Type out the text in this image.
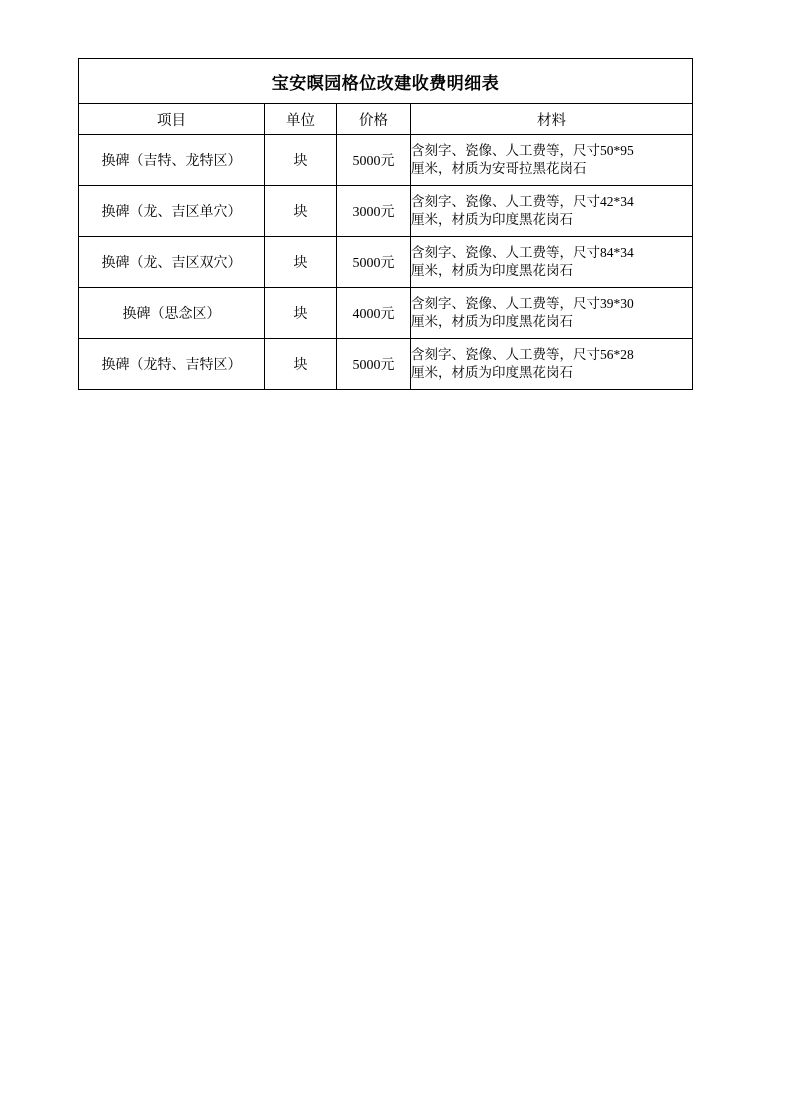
宝安暝园格位改建收费明细表			
项目	单位	价格	材料
换碑（吉特、龙特区）	块	5000元	含刻字、瓷像、人工费等，尺寸50*95
厘米，材质为安哥拉黑花岗石

换碑（龙、吉区单穴）	块	3000元	含刻字、瓷像、人工费等，尺寸42*34
厘米，材质为印度黑花岗石

换碑（龙、吉区双穴）	块	5000元	含刻字、瓷像、人工费等，尺寸84*34
厘米，材质为印度黑花岗石

换碑（思念区）	块	4000元	含刻字、瓷像、人工费等，尺寸39*30
厘米，材质为印度黑花岗石

换碑（龙特、吉特区）	块	5000元	含刻字、瓷像、人工费等，尺寸56*28
厘米，材质为印度黑花岗石
